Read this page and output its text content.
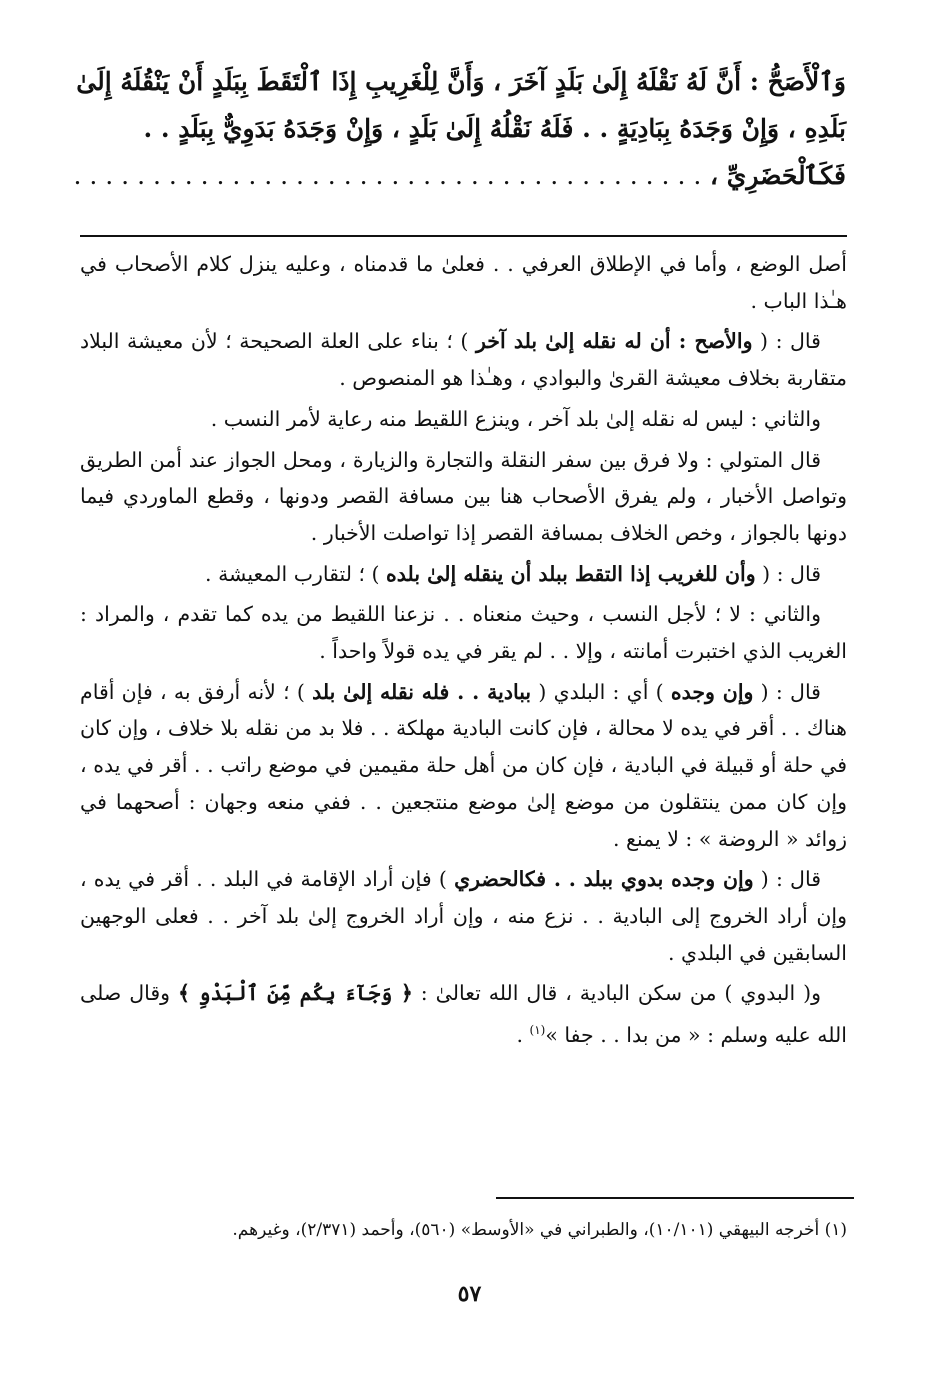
وَٱلْأَصَحُّ : أَنَّ لَهُ نَقْلَهُ إِلَىٰ بَلَدٍ آخَرَ ، وَأَنَّ لِلْغَرِيبِ إِذَا ٱلْتَقَطَ بِبَلَدٍ أَنْ يَنْقُلَهُ إِلَىٰ
بَلَدِهِ ، وَإِنْ وَجَدَهُ بِبَادِيَةٍ . . فَلَهُ نَقْلُهُ إِلَىٰ بَلَدٍ ، وَإِنْ وَجَدَهُ بَدَوِيٌّ بِبَلَدٍ . .
فَكَٱلْحَضَرِيِّ ، . . . . . . . . . . . . . . . . . . . . . . . . . . . . . . . . . . . . . . . .

أصل الوضع ، وأما في الإطلاق العرفي . . فعلىٰ ما قدمناه ، وعليه ينزل كلام الأصحاب في هـٰذا الباب .

قال : ( والأصح : أن له نقله إلىٰ بلد آخر ) ؛ بناء على العلة الصحيحة ؛ لأن معيشة البلاد متقاربة بخلاف معيشة القرىٰ والبوادي ، وهـٰذا هو المنصوص .

والثاني : ليس له نقله إلىٰ بلد آخر ، وينزع اللقيط منه رعاية لأمر النسب .

قال المتولي : ولا فرق بين سفر النقلة والتجارة والزيارة ، ومحل الجواز عند أمن الطريق وتواصل الأخبار ، ولم يفرق الأصحاب هنا بين مسافة القصر ودونها ، وقطع الماوردي فيما دونها بالجواز ، وخص الخلاف بمسافة القصر إذا تواصلت الأخبار .

قال : ( وأن للغريب إذا التقط ببلد أن ينقله إلىٰ بلده ) ؛ لتقارب المعيشة .

والثاني : لا ؛ لأجل النسب ، وحيث منعناه . . نزعنا اللقيط من يده كما تقدم ، والمراد : الغريب الذي اختبرت أمانته ، وإلا . . لم يقر في يده قولاً واحداً .

قال : ( وإن وجده ) أي : البلدي ( ببادية . . فله نقله إلىٰ بلد ) ؛ لأنه أرفق به ، فإن أقام هناك . . أقر في يده لا محالة ، فإن كانت البادية مهلكة . . فلا بد من نقله بلا خلاف ، وإن كان في حلة أو قبيلة في البادية ، فإن كان من أهل حلة مقيمين في موضع راتب . . أقر في يده ، وإن كان ممن ينتقلون من موضع إلىٰ موضع منتجعين . . ففي منعه وجهان : أصحهما في زوائد « الروضة » : لا يمنع .

قال : ( وإن وجده بدوي ببلد . . فكالحضري ) فإن أراد الإقامة في البلد . . أقر في يده ، وإن أراد الخروج إلى البادية . . نزع منه ، وإن أراد الخروج إلىٰ بلد آخر . . فعلى الوجهين السابقين في البلدي .

و( البدوي ) من سكن البادية ، قال الله تعالىٰ : ﴿ وَجَآءَ بِكُم مِّنَ ٱلْبَدْوِ ﴾ وقال صلى الله عليه وسلم : « من بدا . . جفا »$^{(١)}$ .

(١) أخرجه البيهقي (١٠/١٠١)، والطبراني في «الأوسط» (٥٦٠)، وأحمد (٢/٣٧١)، وغيرهم.
٥٧
